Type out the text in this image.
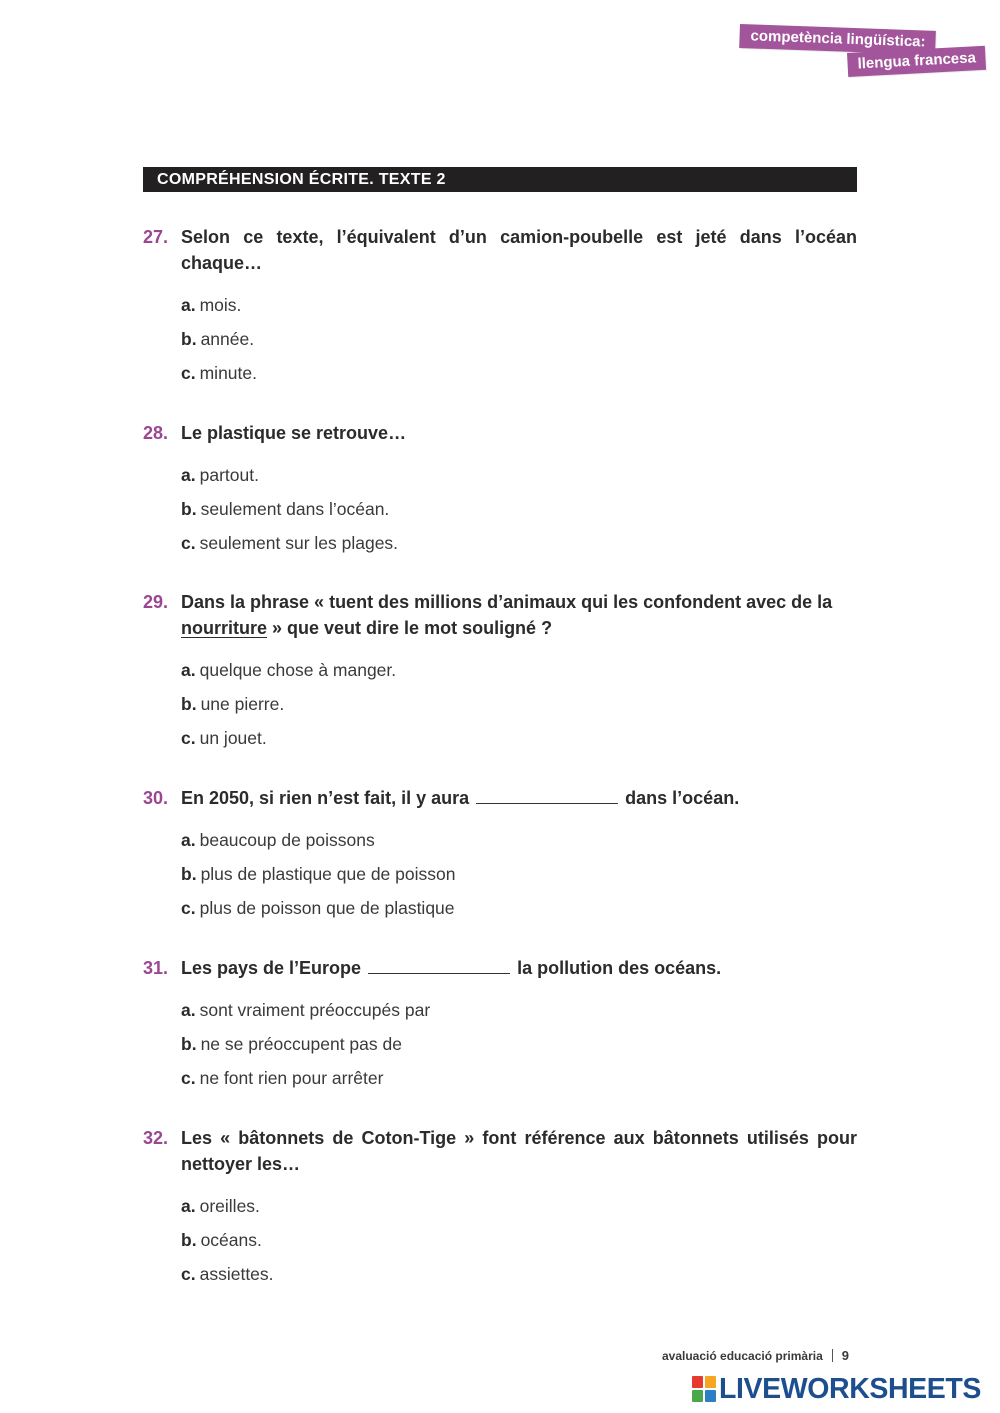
competència lingüística:
llengua francesa
COMPRÉHENSION ÉCRITE. TEXTE 2
27. Selon ce texte, l’équivalent d’un camion-poubelle est jeté dans l’océan chaque…
a. mois.
b. année.
c. minute.
28. Le plastique se retrouve…
a. partout.
b. seulement dans l’océan.
c. seulement sur les plages.
29. Dans la phrase « tuent des millions d’animaux qui les confondent avec de la
nourriture » que veut dire le mot souligné ?
a. quelque chose à manger.
b. une pierre.
c. un jouet.
30. En 2050, si rien n’est fait, il y aura	dans l’océan.
a. beaucoup de poissons
b. plus de plastique que de poisson
c. plus de poisson que de plastique
31. Les pays de l’Europe	la pollution des océans.
a. sont vraiment préoccupés par
b. ne se préoccupent pas de
c. ne font rien pour arrêter
32. Les « bâtonnets de Coton-Tige » font référence aux bâtonnets utilisés pour nettoyer les…
a. oreilles.
b. océans.
c. assiettes.
avaluació educació primària 9
LIVEWORKSHEETS
